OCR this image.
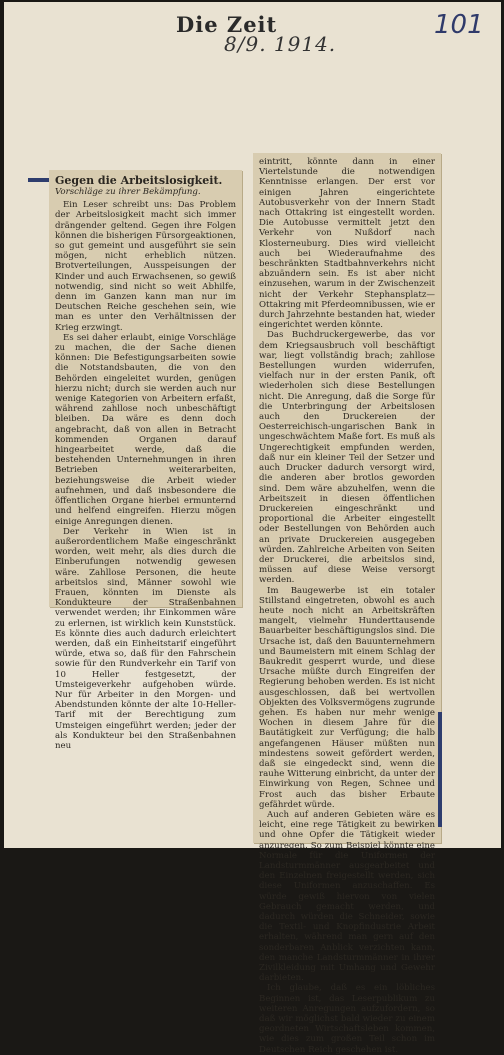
Die Zeit
8/9. 1914.
101
Gegen die Arbeitslosigkeit.
Vorschläge zu ihrer Bekämpfung.

Ein Leser schreibt uns: Das Problem der Arbeitslosigkeit macht sich immer drängender geltend. Gegen ihre Folgen können die bisherigen Fürsorgeaktionen, so gut gemeint und ausgeführt sie sein mögen, nicht erheblich nützen. Brotverteilungen, Ausspeisungen der Kinder und auch Erwachsenen, so gewiß notwendig, sind nicht so weit Abhilfe, denn im Ganzen kann man nur im Deutschen Reiche geschehen sein, wie man es unter den Verhältnissen der Krieg erzwingt.

Es sei daher erlaubt, einige Vorschläge zu machen, die der Sache dienen können: Die Befestigungsarbeiten sowie die Notstandsbauten, die von den Behörden eingeleitet wurden, genügen hierzu nicht; durch sie werden auch nur wenige Kategorien von Arbeitern erfaßt, während zahllose noch unbeschäftigt bleiben. Da wäre es denn doch angebracht, daß von allen in Betracht kommenden Organen darauf hingearbeitet werde, daß die bestehenden Unternehmungen in ihren Betrieben weiterarbeiten, beziehungsweise die Arbeit wieder aufnehmen, und daß insbesondere die öffentlichen Organe hierbei ermunternd und helfend eingreifen. Hierzu mögen einige Anregungen dienen.

Der Verkehr in Wien ist in außerordentlichem Maße eingeschränkt worden, weit mehr, als dies durch die Einberufungen notwendig gewesen wäre. Zahllose Personen, die heute arbeitslos sind, Männer sowohl wie Frauen, könnten im Dienste als Kondukteure der Straßenbahnen verwendet werden; ihr Einkommen wäre zu erlernen, ist wirklich kein Kunststück. Es könnte dies auch dadurch erleichtert werden, daß ein Einheitstarif eingeführt würde, etwa so, daß für den Fahrschein sowie für den Rundverkehr ein Tarif von 10 Heller festgesetzt, der Umsteigeverkehr aufgehoben würde. Nur für Arbeiter in den Morgen- und Abendstunden könnte der alte 10-Heller-Tarif mit der Berechtigung zum Umsteigen eingeführt werden; jeder der als Kondukteur bei den Straßenbahnen neu

eintritt, könnte dann in einer Viertelstunde die notwendigen Kenntnisse erlangen. Der erst vor einigen Jahren eingerichtete Autobusverkehr von der Innern Stadt nach Ottakring ist eingestellt worden. Die Autobusse vermittelt jetzt den Verkehr von Nußdorf nach Klosterneuburg. Dies wird vielleicht auch bei Wiederaufnahme des beschränkten Stadtbahnverkehrs nicht abzuändern sein. Es ist aber nicht einzusehen, warum in der Zwischenzeit nicht der Verkehr Stephansplatz—Ottakring mit Pferdeomnibussen, wie er durch Jahrzehnte bestanden hat, wieder eingerichtet werden könnte.

Das Buchdruckergewerbe, das vor dem Kriegsausbruch voll beschäftigt war, liegt vollständig brach; zahllose Bestellungen wurden widerrufen, vielfach nur in der ersten Panik, oft wiederholen sich diese Bestellungen nicht. Die Anregung, daß die Sorge für die Unterbringung der Arbeitslosen auch den Druckereien der Oesterreichisch-ungarischen Bank in ungeschwächtem Maße fort. Es muß als Ungerechtigkeit empfunden werden, daß nur ein kleiner Teil der Setzer und auch Drucker dadurch versorgt wird, die anderen aber brotlos geworden sind. Dem wäre abzuhelfen, wenn die Arbeitszeit in diesen öffentlichen Druckereien eingeschränkt und proportional die Arbeiter eingestellt oder Bestellungen von Behörden auch an private Druckereien ausgegeben würden. Zahlreiche Arbeiten von Seiten der Druckerei, die arbeitslos sind, müssen auf diese Weise versorgt werden.

Im Baugewerbe ist ein totaler Stillstand eingetreten, obwohl es auch heute noch nicht an Arbeitskräften mangelt, vielmehr Hunderttausende Bauarbeiter beschäftigungslos sind. Die Ursache ist, daß den Bauunternehmern und Baumeistern mit einem Schlag der Baukredit gesperrt wurde, und diese Ursache müßte durch Eingreifen der Regierung behoben werden. Es ist nicht ausgeschlossen, daß bei wertvollen Objekten des Volksvermögens zugrunde gehen. Es haben nur mehr wenige Wochen in diesem Jahre für die Bautätigkeit zur Verfügung; die halb angefangenen Häuser müßten nun mindestens soweit gefördert werden, daß sie eingedeckt sind, wenn die rauhe Witterung einbricht, da unter der Einwirkung von Regen, Schnee und Frost auch das bisher Erbaute gefährdet würde.

Auch auf anderen Gebieten wäre es leicht, eine rege Tätigkeit zu bewirken und ohne Opfer die Tätigkeit wieder anzuregen. So zum Beispiel könnte eine Normale für die Uniformen der Landsturmmänner ausgearbeitet und den Einzelnen freigestellt werden, sich diese Uniformen anzuschaffen. Es würde gewiß hiervon von vielen Gebrauch gemacht werden, und dadurch würden die Schneider, sowie die Textil- und Knopfindustrie Arbeit erhalten, während man gern auf den sonderbaren Anblick verzichten kann, den manche Landsturmmänner in ihrer Zivilkleidung mit Umhang und Gewehr darbieten.

Ich glaube, daß es ein löbliches Beginnen ist, das Leserpublikum zu weiteren Anregungen aufzufordern, so daß wir möglichst bald wieder zu einem geordneten Wirtschaftsleben kommen, wie dies zum großen Teil schon im Deutschen Reich geschehen ist.
